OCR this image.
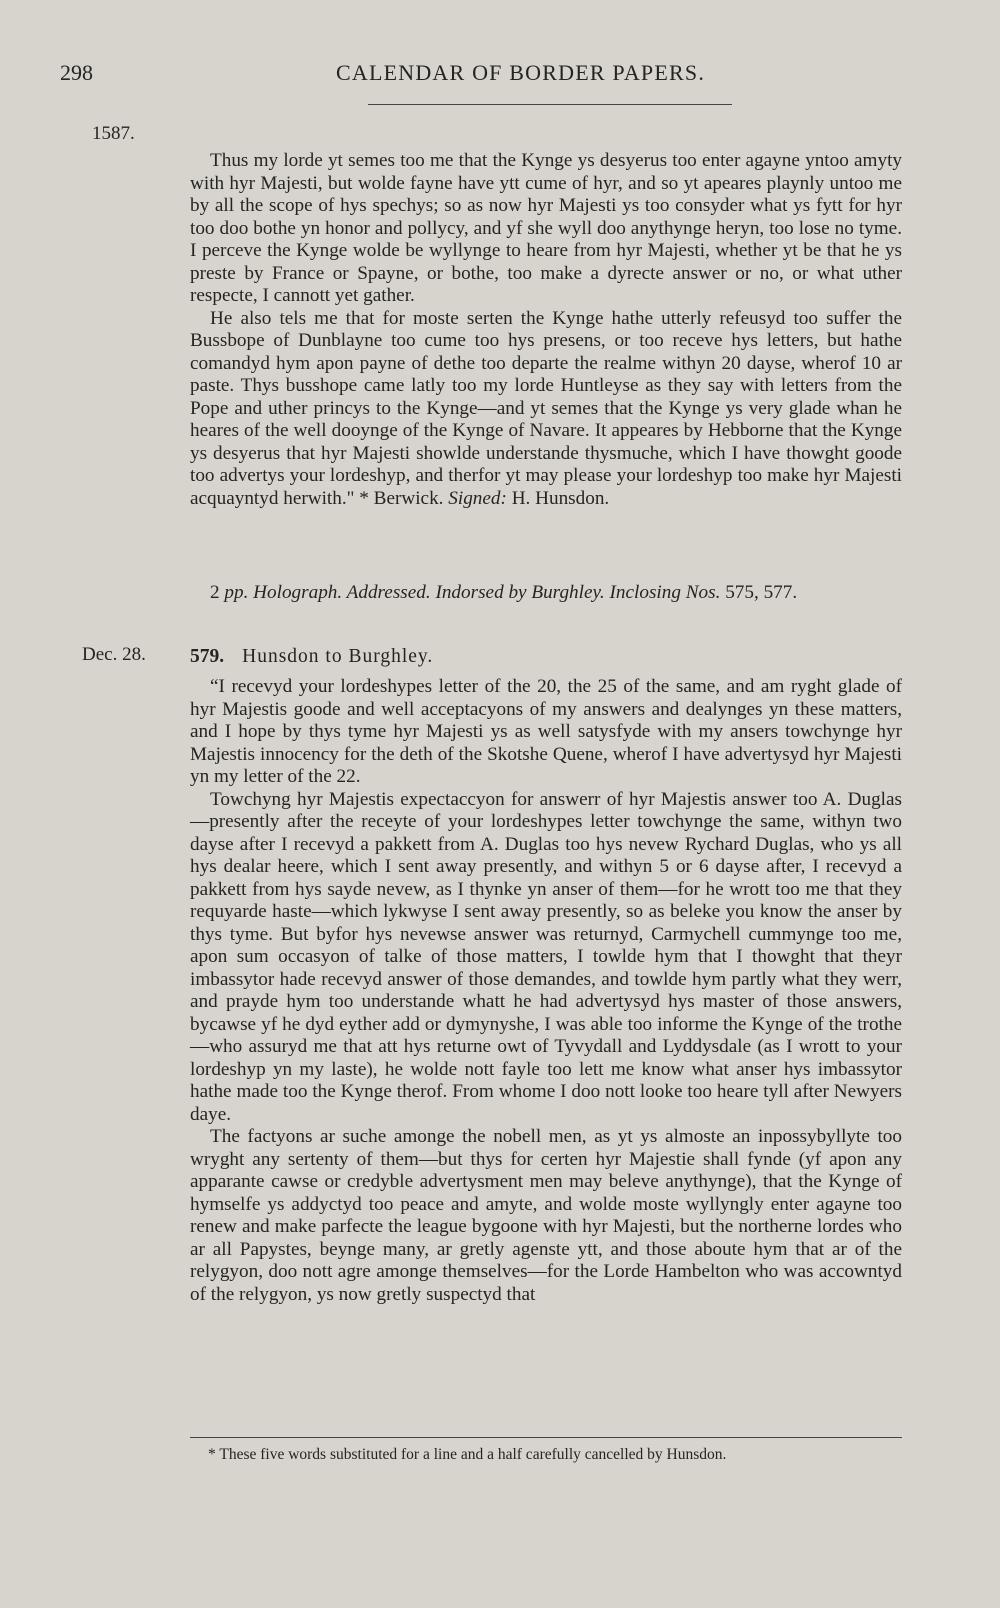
298	CALENDAR OF BORDER PAPERS.
1587.
Dec. 28.

Thus my lorde yt semes too me that the Kynge ys desyerus too enter agayne yntoo amyty with hyr Majesti, but wolde fayne have ytt cume of hyr, and so yt apeares playnly untoo me by all the scope of hys spechys; so as now hyr Majesti ys too consyder what ys fytt for hyr too doo bothe yn honor and pollycy, and yf she wyll doo anythynge heryn, too lose no tyme. I perceve the Kynge wolde be wyllynge to heare from hyr Majesti, whether yt be that he ys preste by France or Spayne, or bothe, too make a dyrecte answer or no, or what uther respecte, I cannott yet gather.

He also tels me that for moste serten the Kynge hathe utterly refeusyd too suffer the Bussbope of Dunblayne too cume too hys presens, or too receve hys letters, but hathe comandyd hym apon payne of dethe too departe the realme withyn 20 dayse, wherof 10 ar paste. Thys busshope came latly too my lorde Huntleyse as they say with letters from the Pope and uther princys to the Kynge—and yt semes that the Kynge ys very glade whan he heares of the well dooynge of the Kynge of Navare. It appeares by Hebborne that the Kynge ys desyerus that hyr Majesti showlde understande thysmuche, which I have thowght goode too advertys your lordeshyp, and therfor yt may please your lordeshyp too make hyr Majesti acquayntyd herwith." * Berwick. Signed: H. Hunsdon.

2 pp. Holograph. Addressed. Indorsed by Burghley. Inclosing Nos. 575, 577.

579. Hunsdon to Burghley.

“I recevyd your lordeshypes letter of the 20, the 25 of the same, and am ryght glade of hyr Majestis goode and well acceptacyons of my answers and dealynges yn these matters, and I hope by thys tyme hyr Majesti ys as well satysfyde with my ansers towchynge hyr Majestis innocency for the deth of the Skotshe Quene, wherof I have advertysyd hyr Majesti yn my letter of the 22.

Towchyng hyr Majestis expectaccyon for answerr of hyr Majestis answer too A. Duglas—presently after the receyte of your lordeshypes letter towchynge the same, withyn two dayse after I recevyd a pakkett from A. Duglas too hys nevew Rychard Duglas, who ys all hys dealar heere, which I sent away presently, and withyn 5 or 6 dayse after, I recevyd a pakkett from hys sayde nevew, as I thynke yn anser of them—for he wrott too me that they requyarde haste—which lykwyse I sent away presently, so as beleke you know the anser by thys tyme. But byfor hys nevewse answer was returnyd, Carmychell cummynge too me, apon sum occasyon of talke of those matters, I towlde hym that I thowght that theyr imbassytor hade recevyd answer of those demandes, and towlde hym partly what they werr, and prayde hym too understande whatt he had advertysyd hys master of those answers, bycawse yf he dyd eyther add or dymynyshe, I was able too informe the Kynge of the trothe—who assuryd me that att hys returne owt of Tyvydall and Lyddysdale (as I wrott to your lordeshyp yn my laste), he wolde nott fayle too lett me know what anser hys imbassytor hathe made too the Kynge therof. From whome I doo nott looke too heare tyll after Newyers daye.

The factyons ar suche amonge the nobell men, as yt ys almoste an inpossybyllyte too wryght any sertenty of them—but thys for certen hyr Majestie shall fynde (yf apon any apparante cawse or credyble advertysment men may beleve anythynge), that the Kynge of hymselfe ys addyctyd too peace and amyte, and wolde moste wyllyngly enter agayne too renew and make parfecte the league bygoone with hyr Majesti, but the northerne lordes who ar all Papystes, beynge many, ar gretly agenste ytt, and those aboute hym that ar of the relygyon, doo nott agre amonge themselves—for the Lorde Hambelton who was accowntyd of the relygyon, ys now gretly suspectyd that

* These five words substituted for a line and a half carefully cancelled by Hunsdon.
